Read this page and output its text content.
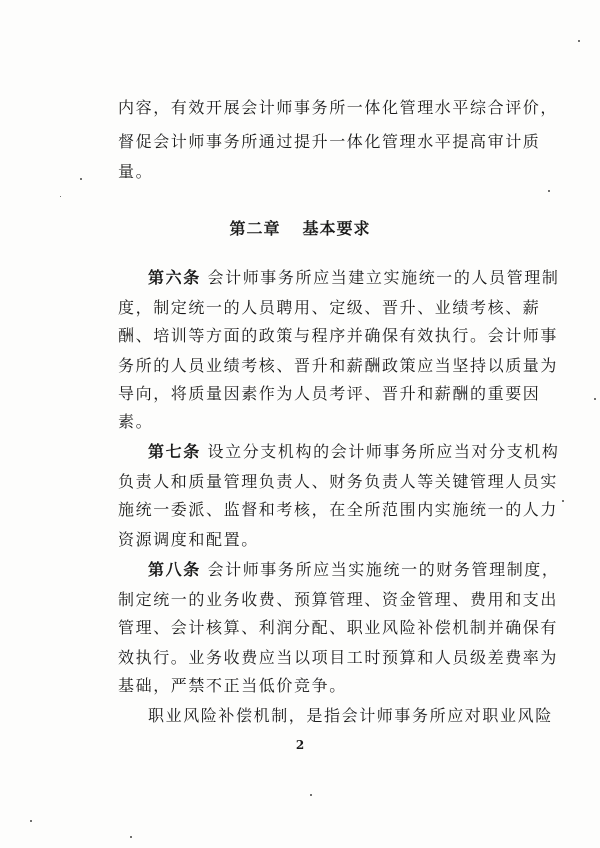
内容，有效开展会计师事务所一体化管理水平综合评价，
督促会计师事务所通过提升一体化管理水平提高审计质
量。
第二章 基本要求
第六条 会计师事务所应当建立实施统一的人员管理制
度，制定统一的人员聘用、定级、晋升、业绩考核、薪
酬、培训等方面的政策与程序并确保有效执行。会计师事
务所的人员业绩考核、晋升和薪酬政策应当坚持以质量为
导向，将质量因素作为人员考评、晋升和薪酬的重要因
素。
第七条 设立分支机构的会计师事务所应当对分支机构
负责人和质量管理负责人、财务负责人等关键管理人员实
施统一委派、监督和考核，在全所范围内实施统一的人力
资源调度和配置。
第八条 会计师事务所应当实施统一的财务管理制度，
制定统一的业务收费、预算管理、资金管理、费用和支出
管理、会计核算、利润分配、职业风险补偿机制并确保有
效执行。业务收费应当以项目工时预算和人员级差费率为
基础，严禁不正当低价竞争。
职业风险补偿机制，是指会计师事务所应对职业风险
2
